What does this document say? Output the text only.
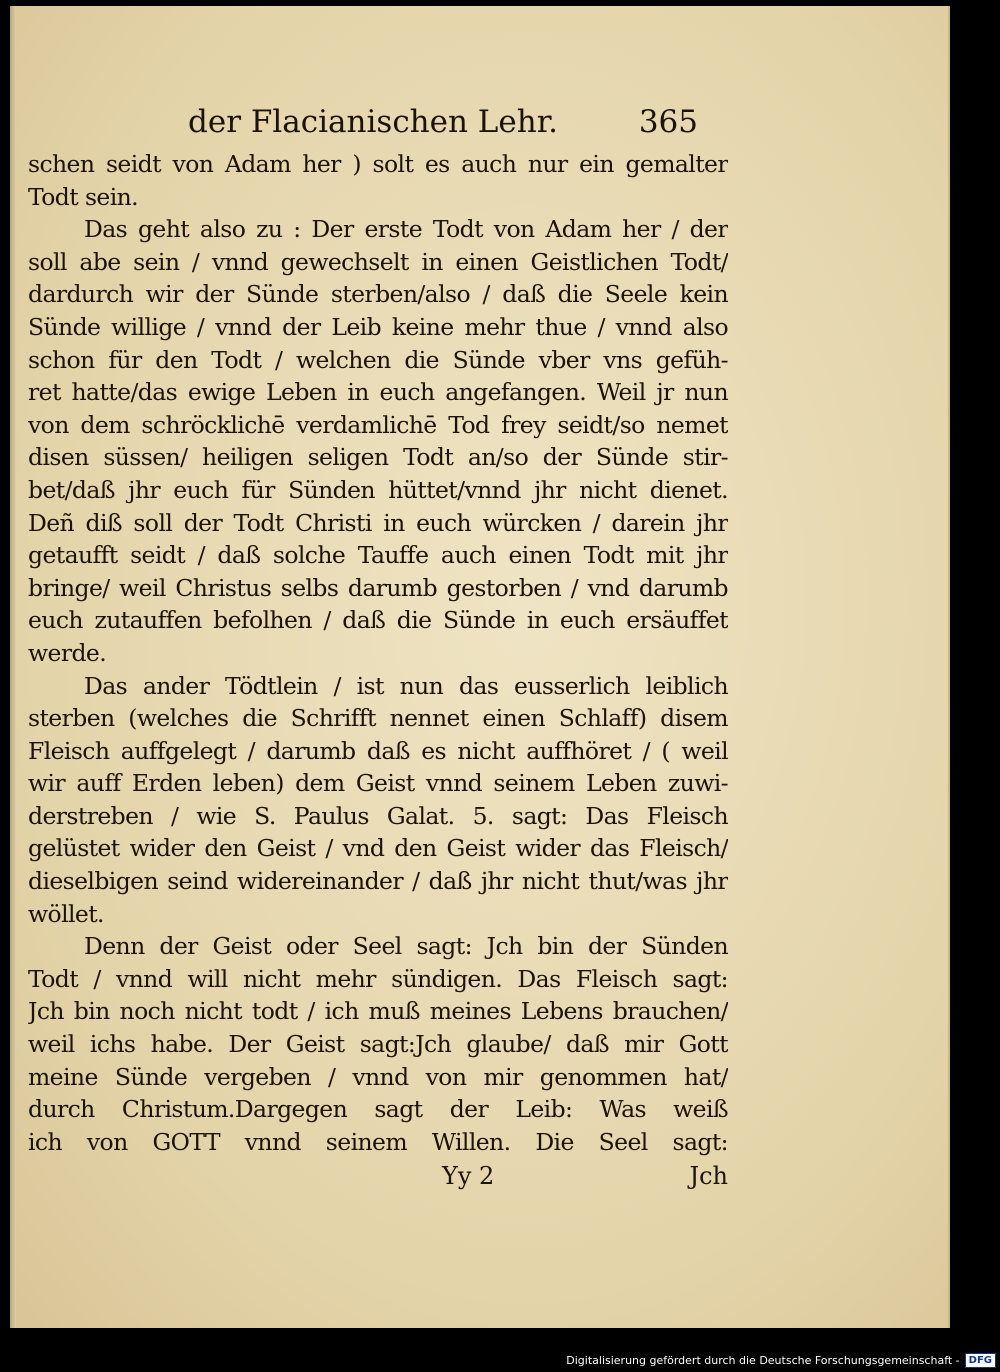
der Flacianischen Lehr.	365
schen seidt von Adam her ) solt es auch nur ein gemalter
Todt sein.
Das geht also zu : Der erste Todt von Adam her / der
soll abe sein / vnnd gewechselt in einen Geistlichen Todt/
dardurch wir der Sünde sterben/also / daß die Seele kein
Sünde willige / vnnd der Leib keine mehr thue / vnnd also
schon für den Todt / welchen die Sünde vber vns gefüh-
ret hatte/das ewige Leben in euch angefangen. Weil jr nun
von dem schröcklichē verdamlichē Tod frey seidt/so nemet
disen süssen/ heiligen seligen Todt an/so der Sünde stir-
bet/daß jhr euch für Sünden hüttet/vnnd jhr nicht dienet.
Deñ diß soll der Todt Christi in euch würcken / darein jhr
getaufft seidt / daß solche Tauffe auch einen Todt mit jhr
bringe/ weil Christus selbs darumb gestorben / vnd darumb
euch zutauffen befolhen / daß die Sünde in euch ersäuffet
werde.
Das ander Tödtlein / ist nun das eusserlich leiblich
sterben (welches die Schrifft nennet einen Schlaff) disem
Fleisch auffgelegt / darumb daß es nicht auffhöret / ( weil
wir auff Erden leben) dem Geist vnnd seinem Leben zuwi-
derstreben / wie S. Paulus Galat. 5. sagt: Das Fleisch
gelüstet wider den Geist / vnd den Geist wider das Fleisch/
dieselbigen seind widereinander / daß jhr nicht thut/was jhr
wöllet.
Denn der Geist oder Seel sagt: Jch bin der Sünden
Todt / vnnd will nicht mehr sündigen. Das Fleisch sagt:
Jch bin noch nicht todt / ich muß meines Lebens brauchen/
weil ichs habe. Der Geist sagt:Jch glaube/ daß mir Gott
meine Sünde vergeben / vnnd von mir genommen hat/
durch Christum.Dargegen sagt der Leib: Was weiß
ich von GOTT vnnd seinem Willen. Die Seel sagt:
Yy 2	Jch
Digitalisierung gefördert durch die Deutsche Forschungsgemeinschaft - DFG
